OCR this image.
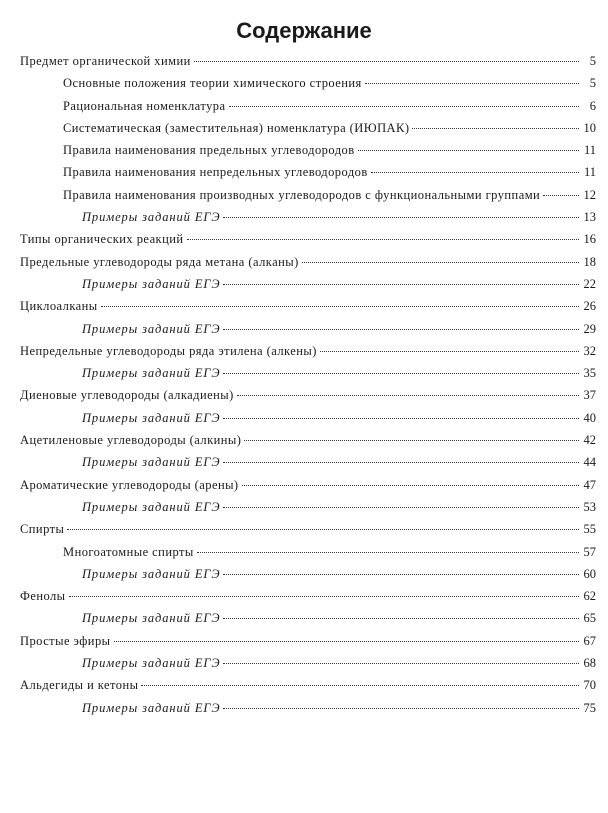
Содержание
Предмет органической химии	5
Основные положения теории химического строения	5
Рациональная номенклатура	6
Систематическая (заместительная) номенклатура (ИЮПАК)	10
Правила наименования предельных углеводородов	11
Правила наименования непредельных углеводородов	11
Правила наименования производных углеводородов с функциональными группами	12
Примеры заданий ЕГЭ	13
Типы органических реакций	16
Предельные углеводороды ряда метана (алканы)	18
Примеры заданий ЕГЭ	22
Циклоалканы	26
Примеры заданий ЕГЭ	29
Непредельные углеводороды ряда этилена (алкены)	32
Примеры заданий ЕГЭ	35
Диеновые углеводороды (алкадиены)	37
Примеры заданий ЕГЭ	40
Ацетиленовые углеводороды (алкины)	42
Примеры заданий ЕГЭ	44
Ароматические углеводороды (арены)	47
Примеры заданий ЕГЭ	53
Спирты	55
Многоатомные спирты	57
Примеры заданий ЕГЭ	60
Фенолы	62
Примеры заданий ЕГЭ	65
Простые эфиры	67
Примеры заданий ЕГЭ	68
Альдегиды и кетоны	70
Примеры заданий ЕГЭ	75
